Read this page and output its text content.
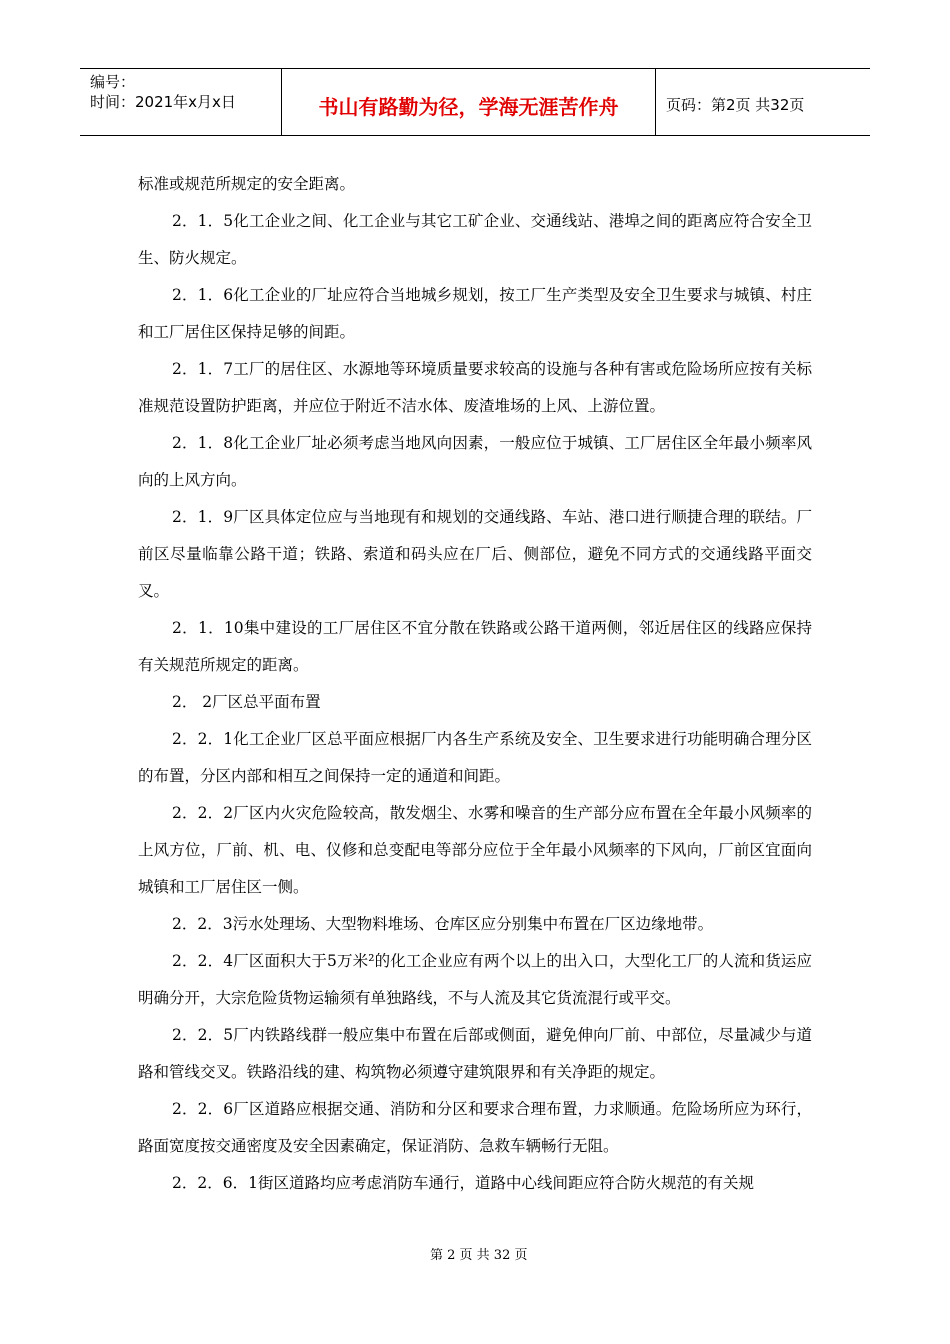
编号：
时间：2021年x月x日	书山有路勤为径，学海无涯苦作舟	页码：第2页 共32页

标准或规范所规定的安全距离。

2．1．5化工企业之间、化工企业与其它工矿企业、交通线站、港埠之间的距离应符合安全卫生、防火规定。

2．1．6化工企业的厂址应符合当地城乡规划，按工厂生产类型及安全卫生要求与城镇、村庄和工厂居住区保持足够的间距。

2．1．7工厂的居住区、水源地等环境质量要求较高的设施与各种有害或危险场所应按有关标准规范设置防护距离，并应位于附近不洁水体、废渣堆场的上风、上游位置。

2．1．8化工企业厂址必须考虑当地风向因素，一般应位于城镇、工厂居住区全年最小频率风向的上风方向。

2．1．9厂区具体定位应与当地现有和规划的交通线路、车站、港口进行顺捷合理的联结。厂前区尽量临靠公路干道；铁路、索道和码头应在厂后、侧部位，避免不同方式的交通线路平面交叉。

2．1．10集中建设的工厂居住区不宜分散在铁路或公路干道两侧，邻近居住区的线路应保持有关规范所规定的距离。

2． 2厂区总平面布置

2．2．1化工企业厂区总平面应根据厂内各生产系统及安全、卫生要求进行功能明确合理分区的布置，分区内部和相互之间保持一定的通道和间距。

2．2．2厂区内火灾危险较高，散发烟尘、水雾和噪音的生产部分应布置在全年最小风频率的上风方位，厂前、机、电、仪修和总变配电等部分应位于全年最小风频率的下风向，厂前区宜面向城镇和工厂居住区一侧。

2．2．3污水处理场、大型物料堆场、仓库区应分别集中布置在厂区边缘地带。

2．2．4厂区面积大于5万米²的化工企业应有两个以上的出入口，大型化工厂的人流和货运应明确分开，大宗危险货物运输须有单独路线，不与人流及其它货流混行或平交。

2．2．5厂内铁路线群一般应集中布置在后部或侧面，避免伸向厂前、中部位，尽量减少与道路和管线交叉。铁路沿线的建、构筑物必须遵守建筑限界和有关净距的规定。

2．2．6厂区道路应根据交通、消防和分区和要求合理布置，力求顺通。危险场所应为环行，路面宽度按交通密度及安全因素确定，保证消防、急救车辆畅行无阻。

2．2．6．1街区道路均应考虑消防车通行，道路中心线间距应符合防火规范的有关规

第 2 页 共 32 页
